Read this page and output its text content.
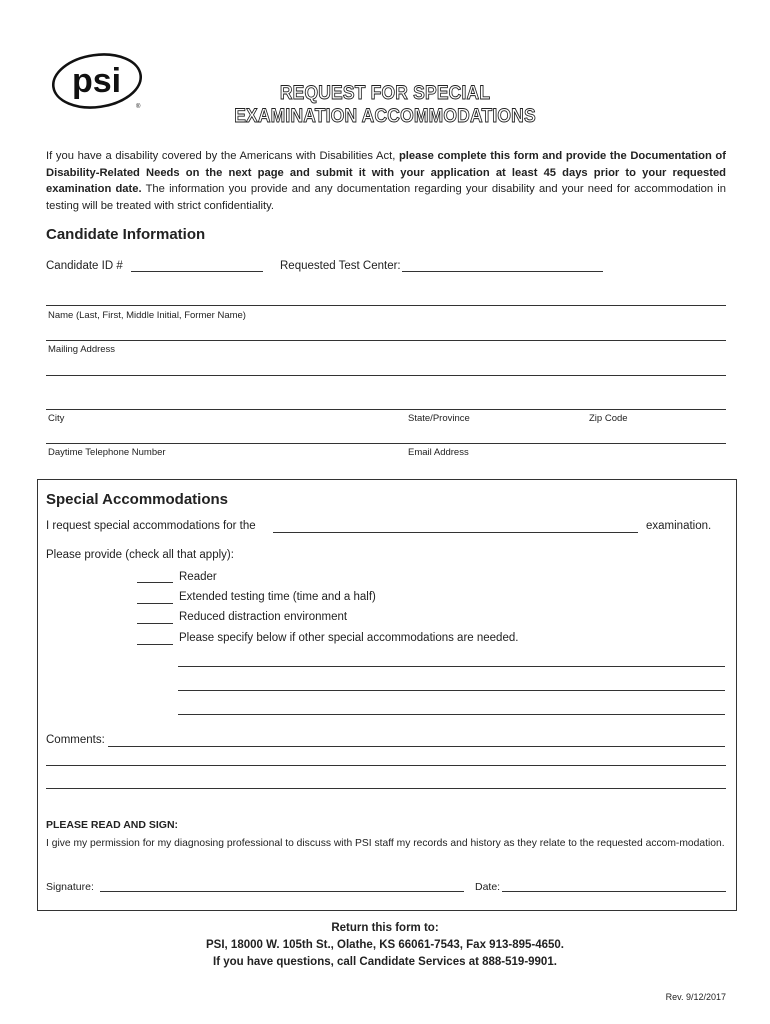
psi
®
REQUEST FOR SPECIAL
EXAMINATION ACCOMMODATIONS
If you have a disability covered by the Americans with Disabilities Act, please complete this form and provide the Documentation of Disability-Related Needs on the next page and submit it with your application at least 45 days prior to your requested examination date. The information you provide and any documentation regarding your disability and your need for accommodation in testing will be treated with strict confidentiality.
Candidate Information
Candidate ID #	Requested Test Center:
Name (Last, First, Middle Initial, Former Name)
Mailing Address
City	State/Province	Zip Code
Daytime Telephone Number	Email Address
Special Accommodations
I request special accommodations for the	examination.
Please provide (check all that apply):
Reader
Extended testing time (time and a half)
Reduced distraction environment
Please specify below if other special accommodations are needed.
Comments:
PLEASE READ AND SIGN:
I give my permission for my diagnosing professional to discuss with PSI staff my records and history as they relate to the requested accom-modation.
Signature:	Date:
Return this form to:
PSI, 18000 W. 105th St., Olathe, KS 66061-7543, Fax 913-895-4650.
If you have questions, call Candidate Services at 888-519-9901.
Rev. 9/12/2017
